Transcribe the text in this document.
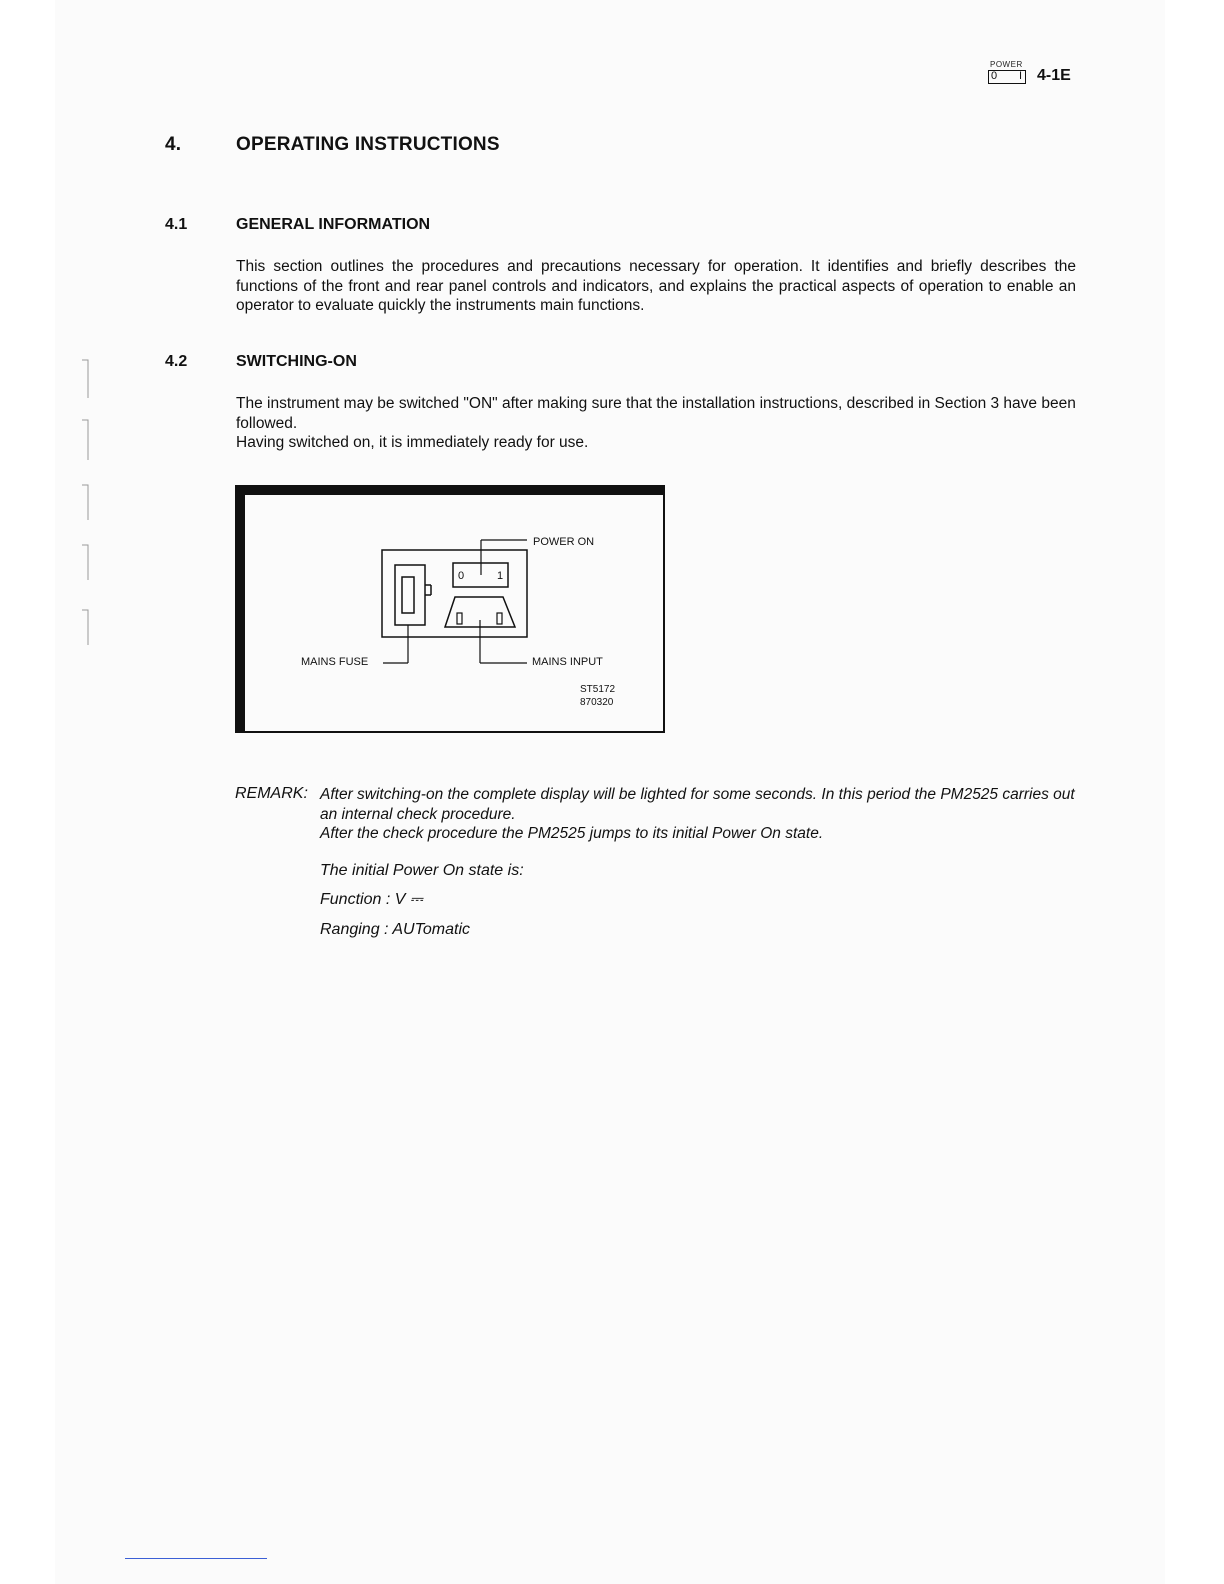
POWER
0 I 4-1E
4.	OPERATING INSTRUCTIONS
4.1	GENERAL INFORMATION
This section outlines the procedures and precautions necessary for operation. It identifies and briefly describes the functions of the front and rear panel controls and indicators, and explains the practical aspects of operation to enable an operator to evaluate quickly the instruments main functions.
4.2	SWITCHING-ON
The instrument may be switched "ON" after making sure that the installation instructions, described in Section 3 have been followed.
Having switched on, it is immediately ready for use.
0	1
POWER ON
MAINS FUSE	MAINS INPUT
ST5172
870320
REMARK: After switching-on the complete display will be lighted for some seconds. In this period the PM2525 carries out an internal check procedure.
After the check procedure the PM2525 jumps to its initial Power On state.
The initial Power On state is:
Function : V ⎓
Ranging : AUTomatic
